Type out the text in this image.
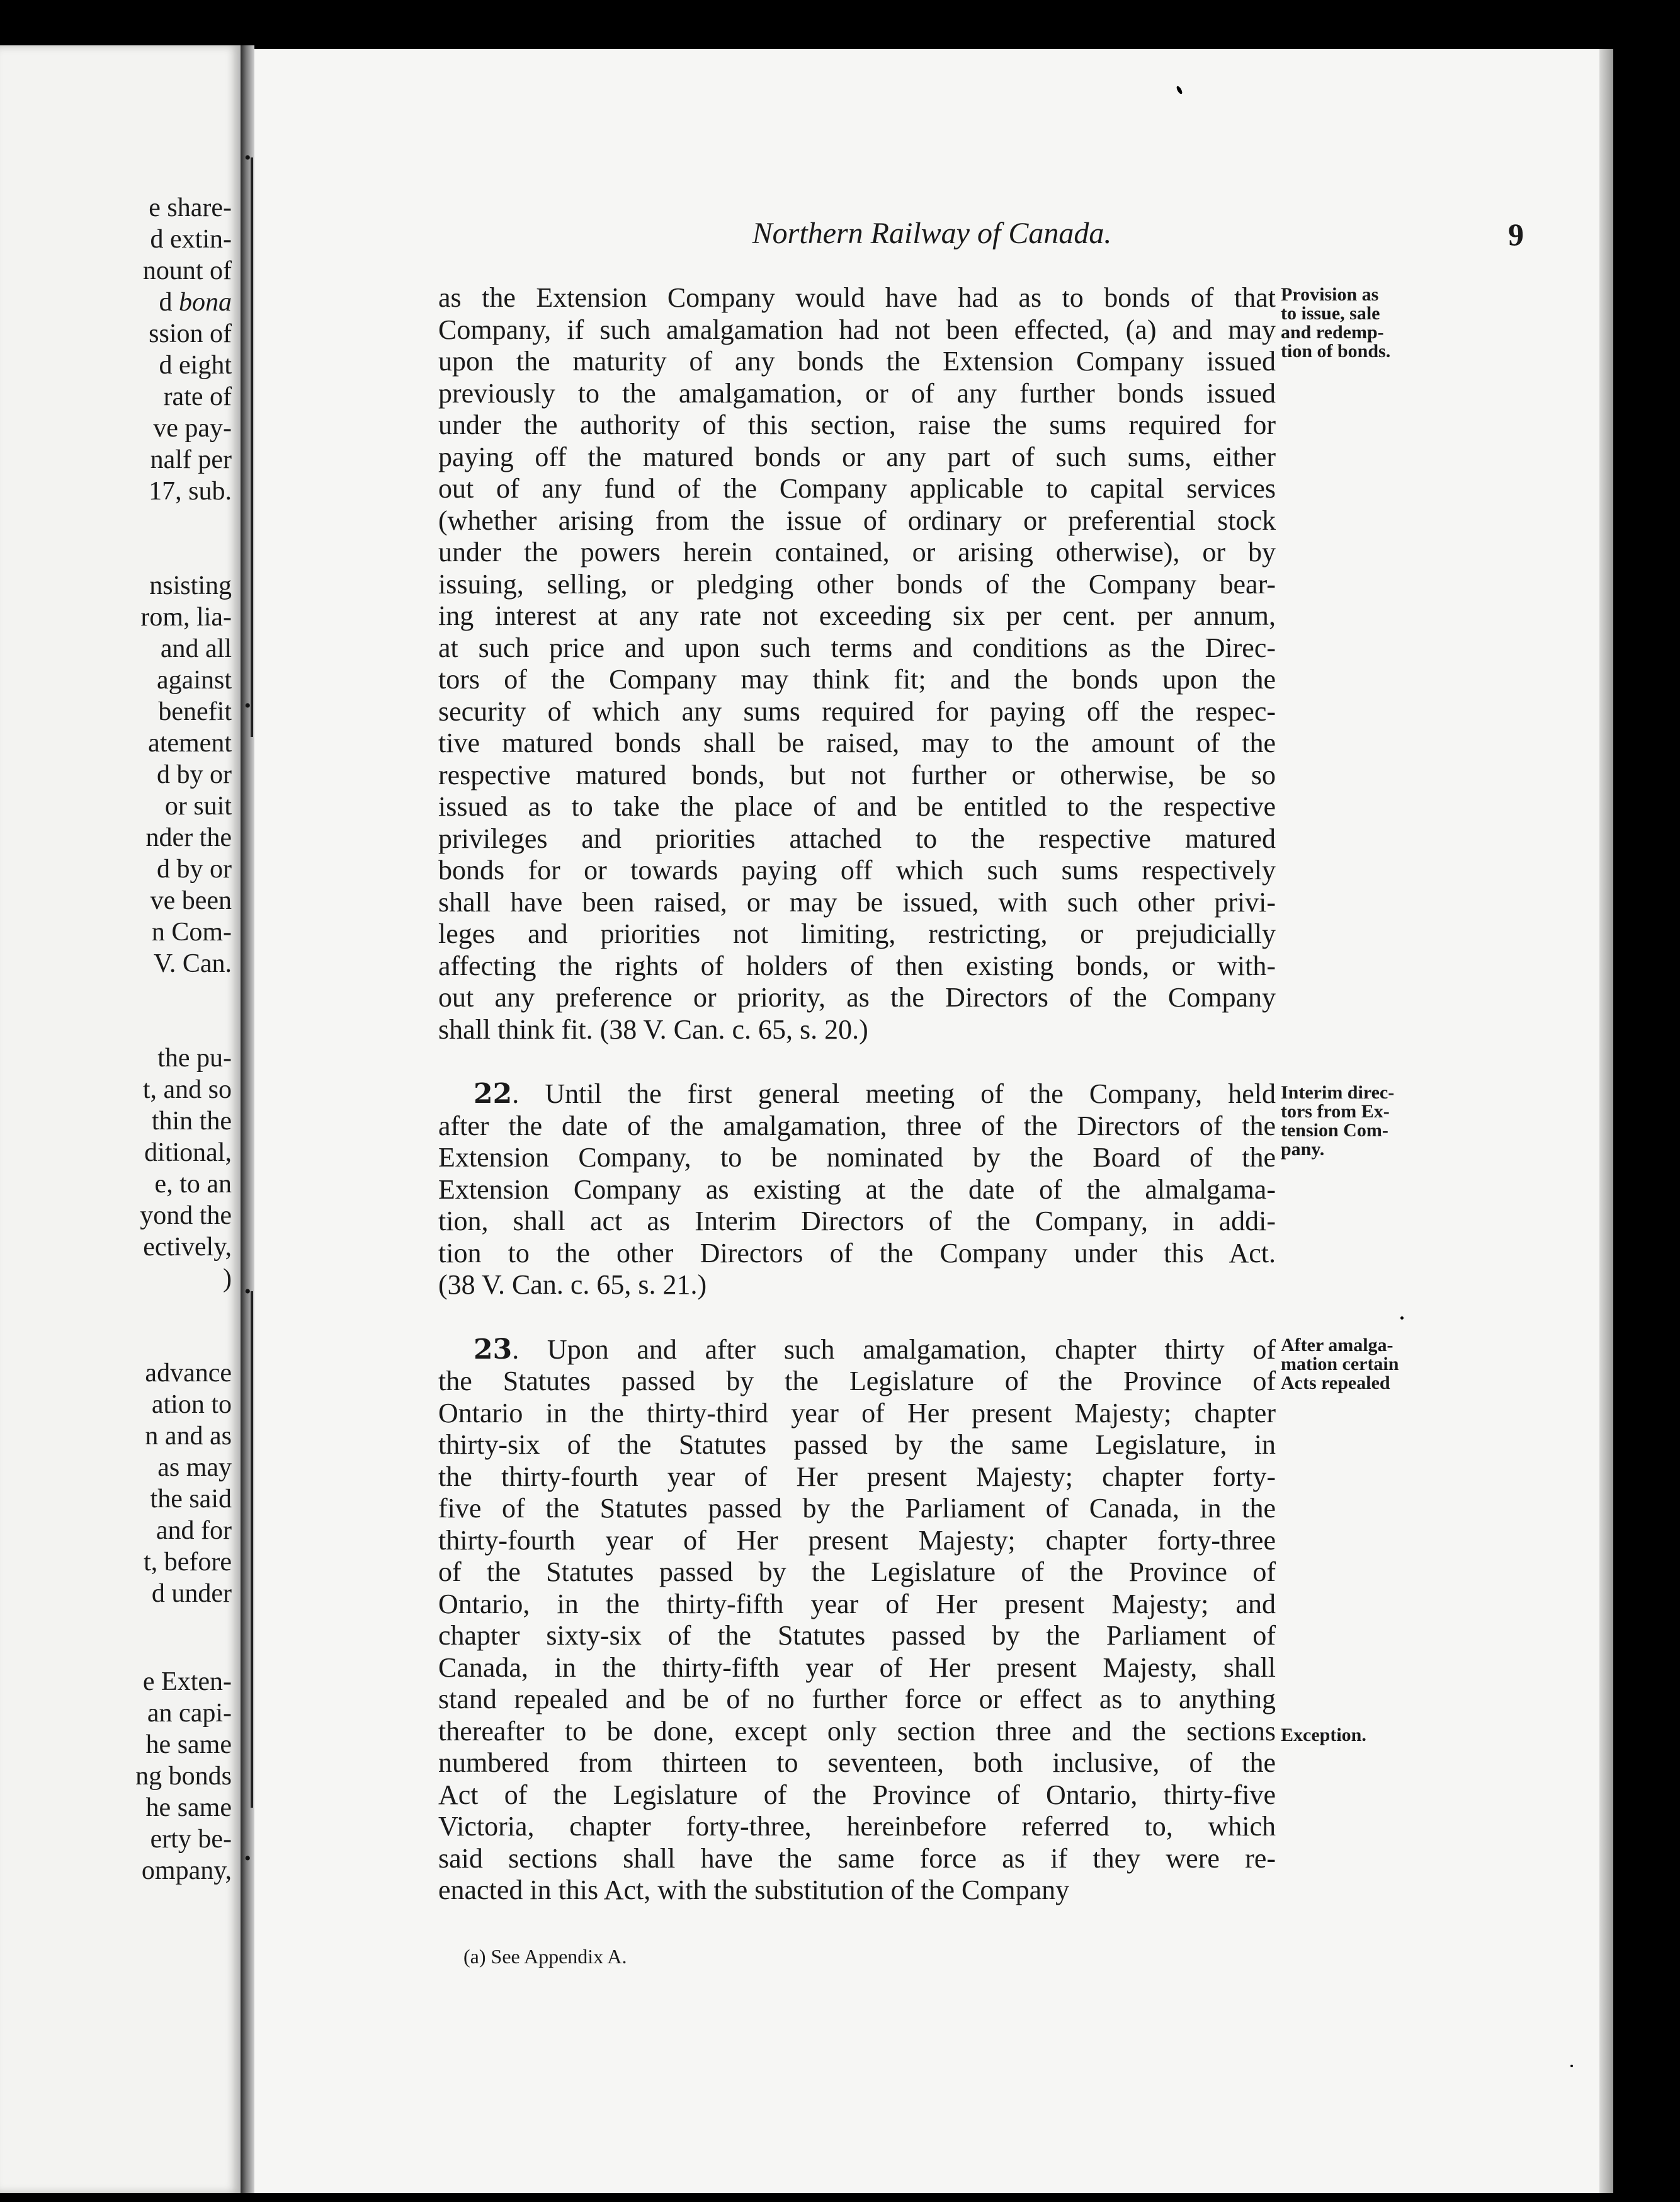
e share-
d extin-
nount of
d bona
ssion of
d eight
rate of
ve pay-
nalf per
17, sub.
nsisting
rom, lia-
and all
against
benefit
atement
d by or
or suit
nder the
d by or
ve been
n Com-
V. Can.
the pu-
t, and so
thin the
ditional,
e, to an
yond the
ectively,
)
advance
ation to
n and as
as may
the said
and for
t, before
d under
e Exten-
an capi-
he same
ng bonds
he same
erty be-
ompany,
•
•
•
•
Northern Railway of Canada.	9
as the Extension Company would have had as to bonds of that
Company, if such amalgamation had not been effected, (a) and may
upon the maturity of any bonds the Extension Company issued
previously to the amalgamation, or of any further bonds issued
under the authority of this section, raise the sums required for
paying off the matured bonds or any part of such sums, either
out of any fund of the Company applicable to capital services
(whether arising from the issue of ordinary or preferential stock
under the powers herein contained, or arising otherwise), or by
issuing, selling, or pledging other bonds of the Company bear-
ing interest at any rate not exceeding six per cent. per annum,
at such price and upon such terms and conditions as the Direc-
tors of the Company may think fit; and the bonds upon the
security of which any sums required for paying off the respec-
tive matured bonds shall be raised, may to the amount of the
respective matured bonds, but not further or otherwise, be so
issued as to take the place of and be entitled to the respective
privileges and priorities attached to the respective matured
bonds for or towards paying off which such sums respectively
shall have been raised, or may be issued, with such other privi-
leges and priorities not limiting, restricting, or prejudicially
affecting the rights of holders of then existing bonds, or with-
out any preference or priority, as the Directors of the Company
shall think fit. (38 V. Can. c. 65, s. 20.)
22. Until the first general meeting of the Company, held
after the date of the amalgamation, three of the Directors of the
Extension Company, to be nominated by the Board of the
Extension Company as existing at the date of the almalgama-
tion, shall act as Interim Directors of the Company, in addi-
tion to the other Directors of the Company under this Act.
(38 V. Can. c. 65, s. 21.)
23. Upon and after such amalgamation, chapter thirty of
the Statutes passed by the Legislature of the Province of
Ontario in the thirty-third year of Her present Majesty; chapter
thirty-six of the Statutes passed by the same Legislature, in
the thirty-fourth year of Her present Majesty; chapter forty-
five of the Statutes passed by the Parliament of Canada, in the
thirty-fourth year of Her present Majesty; chapter forty-three
of the Statutes passed by the Legislature of the Province of
Ontario, in the thirty-fifth year of Her present Majesty; and
chapter sixty-six of the Statutes passed by the Parliament of
Canada, in the thirty-fifth year of Her present Majesty, shall
stand repealed and be of no further force or effect as to anything
thereafter to be done, except only section three and the sections
numbered from thirteen to seventeen, both inclusive, of the
Act of the Legislature of the Province of Ontario, thirty-five
Victoria, chapter forty-three, hereinbefore referred to, which
said sections shall have the same force as if they were re-
enacted in this Act, with the substitution of the Company
Provision as
to issue, sale
and redemp-
tion of bonds.
Interim direc-
tors from Ex-
tension Com-
pany.
After amalga-
mation certain
Acts repealed
Exception.
(a) See Appendix A.
